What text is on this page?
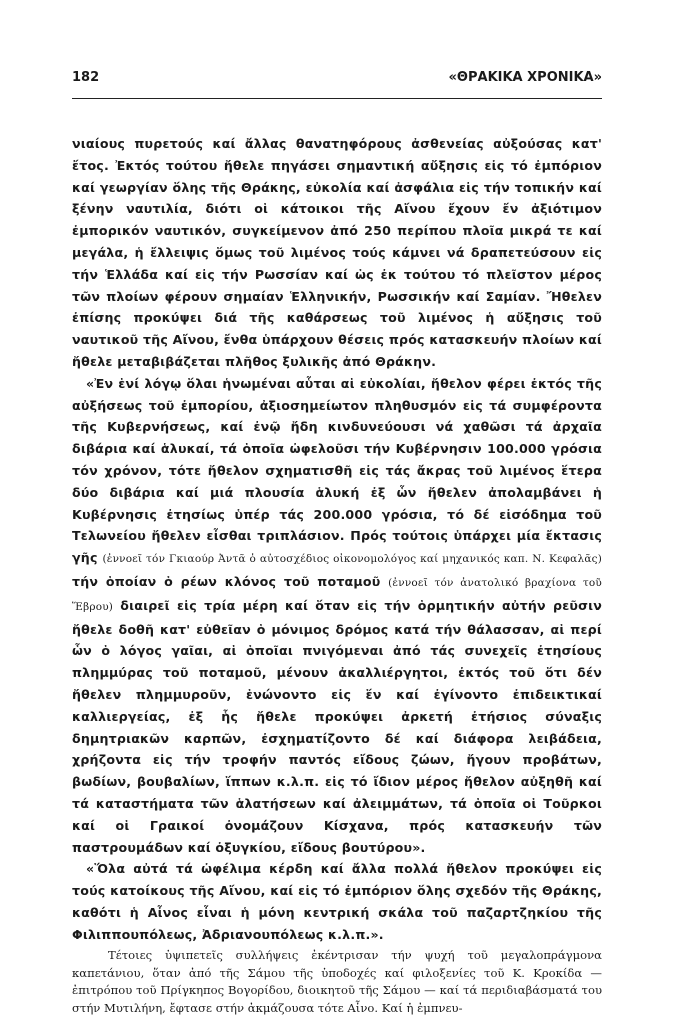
182	«ΘΡΑΚΙΚΑ ΧΡΟΝΙΚΑ»

νιαίους πυρετούς καί ἄλλας θανατηφόρους ἀσθενείας αὐξούσας κατ' ἔτος. Ἐκτός τούτου ἤθελε πηγάσει σημαντική αὔξησις εἰς τό ἐμπόριον καί γεωργίαν ὅλης τῆς Θράκης, εὐκολία καί ἀσφάλια εἰς τήν τοπικήν καί ξένην ναυτιλία, διότι οἱ κάτοικοι τῆς Αἴνου ἔχουν ἔν ἀξιότιμον ἐμπορικόν ναυτικόν, συγκείμενον ἀπό 250 περίπου πλοῖα μικρά τε καί μεγάλα, ἡ ἔλλειψις ὅμως τοῦ λιμένος τούς κάμνει νά δραπετεύσουν εἰς τήν Ἑλλάδα καί εἰς τήν Ρωσσίαν καί ὡς ἐκ τούτου τό πλεῖστον μέρος τῶν πλοίων φέρουν σημαίαν Ἑλληνικήν, Ρωσσικήν καί Σαμίαν. Ἤθελεν ἐπίσης προκύψει διά τῆς καθάρσεως τοῦ λιμένος ἡ αὔξησις τοῦ ναυτικοῦ τῆς Αἴνου, ἔνθα ὑπάρχουν θέσεις πρός κατασκευήν πλοίων καί ἤθελε μεταβιβάζεται πλῆθος ξυλικῆς ἀπό Θράκην.

«Ἐν ἑνί λόγῳ ὅλαι ἡνωμέναι αὗται αἱ εὐκολίαι, ἤθελον φέρει ἐκτός τῆς αὐξήσεως τοῦ ἐμπορίου, ἀξιοσημείωτον πληθυσμόν εἰς τά συμφέροντα τῆς Κυβερνήσεως, καί ἐνῷ ἤδη κινδυνεύουσι νά χαθῶσι τά ἀρχαῖα διβάρια καί ἁλυκαί, τά ὁποῖα ὠφελοῦσι τήν Κυβέρνησιν 100.000 γρόσια τόν χρόνον, τότε ἤθελον σχηματισθῆ εἰς τάς ἄκρας τοῦ λιμένος ἕτερα δύο διβάρια καί μιά πλουσία ἁλυκή ἐξ ὧν ἤθελεν ἀπολαμβάνει ἡ Κυβέρνησις ἐτησίως ὑπέρ τάς 200.000 γρόσια, τό δέ εἰσόδημα τοῦ Τελωνείου ἤθελεν εἶσθαι τριπλάσιον. Πρός τούτοις ὑπάρχει μία ἔκτασις γῆς (ἐννοεῖ τόν Γκιαούρ Ἀντᾶ ὁ αὐτοσχέδιος οἰκονομολόγος καί μηχανικός καπ. Ν. Κεφαλᾶς) τήν ὁποίαν ὁ ρέων κλόνος τοῦ ποταμοῦ (ἐννοεῖ τόν ἀνατολικό βραχίονα τοῦ Ἕβρου) διαιρεῖ εἰς τρία μέρη καί ὅταν εἰς τήν ὁρμητικήν αὐτήν ρεῦσιν ἤθελε δοθῆ κατ' εὐθεῖαν ὁ μόνιμος δρόμος κατά τήν θάλασσαν, αἱ περί ὧν ὁ λόγος γαῖαι, αἱ ὁποῖαι πνιγόμεναι ἀπό τάς συνεχεῖς ἐτησίους πλημμύρας τοῦ ποταμοῦ, μένουν ἀκαλλιέργητοι, ἐκτός τοῦ ὅτι δέν ἤθελεν πλημμυροῦν, ἑνώνοντο εἰς ἕν καί ἐγίνοντο ἐπιδεικτικαί καλλιεργείας, ἐξ ἧς ἤθελε προκύψει ἀρκετή ἐτήσιος σύναξις δημητριακῶν καρπῶν, ἐσχηματίζοντο δέ καί διάφορα λειβάδεια, χρήζοντα εἰς τήν τροφήν παντός εἴδους ζώων, ἤγουν προβάτων, βωδίων, βουβαλίων, ἵππων κ.λ.π. εἰς τό ἴδιον μέρος ἤθελον αὐξηθῆ καί τά καταστήματα τῶν ἁλατήσεων καί ἀλειμμάτων, τά ὁποῖα οἱ Τοῦρκοι καί οἱ Γραικοί ὀνομάζουν Κίσχανα, πρός κατασκευήν τῶν παστρουμάδων καί ὀξυγκίου, εἴδους βουτύρου».

«Ὅλα αὐτά τά ὠφέλιμα κέρδη καί ἄλλα πολλά ἤθελον προκύψει εἰς τούς κατοίκους τῆς Αἴνου, καί εἰς τό ἐμπόριον ὅλης σχεδόν τῆς Θράκης, καθότι ἡ Αἶνος εἶναι ἡ μόνη κεντρική σκάλα τοῦ παζαρτζηκίου τῆς Φιλιππουπόλεως, Ἀδριανουπόλεως κ.λ.π.».

Τέτοιες ὑψιπετεῖς συλλήψεις ἐκέντρισαν τήν ψυχή τοῦ μεγαλοπράγμονα καπετάνιου, ὅταν ἀπό τῆς Σάμου τῆς ὑποδοχές καί φιλοξενίες τοῦ Κ. Κροκίδα — ἐπιτρόπου τοῦ Πρίγκηπος Βογορίδου, διοικητοῦ τῆς Σάμου — καί τά περιδιαβάσματά του στήν Μυτιλήνη, ἔφτασε στήν ἀκμάζουσα τότε Αἶνο. Καί ἡ ἐμπνευ-
